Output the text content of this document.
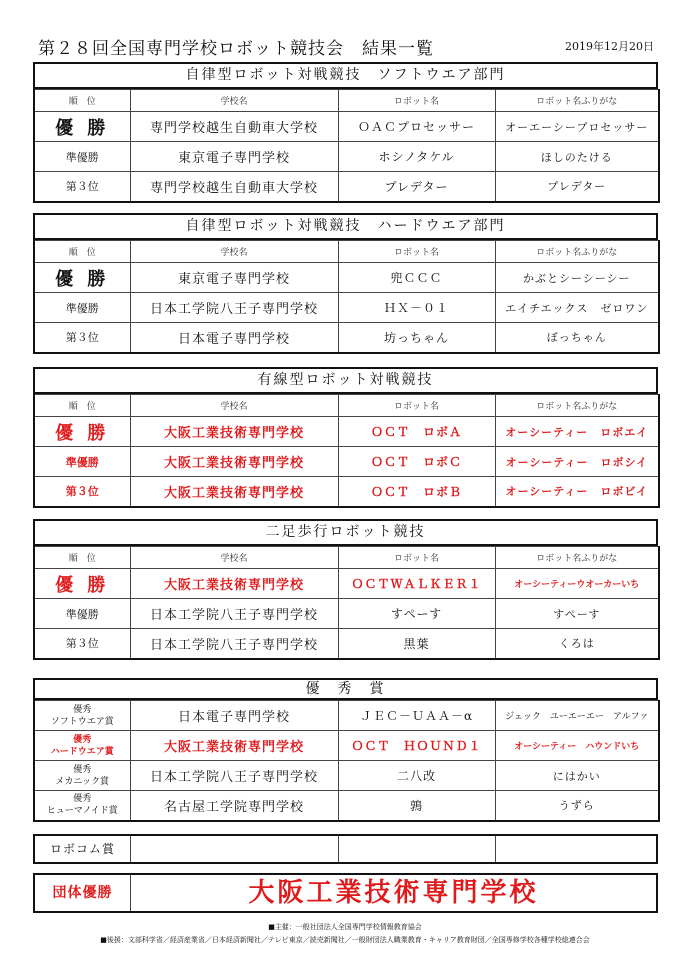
第２８回全国専門学校ロボット競技会　結果一覧	2019年12月20日
自律型ロボット対戦競技　ソフトウエア部門
順　位	学校名	ロボット名	ロボット名ふりがな
優 勝	専門学校越生自動車大学校	ＯＡＣプロセッサー	オーエーシープロセッサー
準優勝	東京電子専門学校	ホシノタケル	ほしのたける
第３位	専門学校越生自動車大学校	プレデター	プレデター
自律型ロボット対戦競技　ハードウエア部門
順　位	学校名	ロボット名	ロボット名ふりがな
優 勝	東京電子専門学校	兜ＣＣＣ	かぶとシーシーシー
準優勝	日本工学院八王子専門学校	ＨＸ－０１	エイチエックス　ゼロワン
第３位	日本電子専門学校	坊っちゃん	ぼっちゃん
有線型ロボット対戦競技
順　位	学校名	ロボット名	ロボット名ふりがな
優 勝	大阪工業技術専門学校	ＯＣＴ　ロボＡ	オーシーティー　ロボエイ
準優勝	大阪工業技術専門学校	ＯＣＴ　ロボＣ	オーシーティー　ロボシイ
第３位	大阪工業技術専門学校	ＯＣＴ　ロボＢ	オーシーティー　ロボビイ
二足歩行ロボット競技
順　位	学校名	ロボット名	ロボット名ふりがな
優 勝	大阪工業技術専門学校	ＯＣＴＷＡＬＫＥＲ１	オーシーティーウオーカーいち
準優勝	日本工学院八王子専門学校	すぺーす	すぺーす
第３位	日本工学院八王子専門学校	黒葉	くろは
優　秀　賞
優秀
ソフトウエア賞	日本電子専門学校	ＪＥＣ－ＵＡＡ－α	ジェック　ユーエーエー　アルファ
優秀
ハードウエア賞	大阪工業技術専門学校	ＯＣＴ　ＨＯＵＮＤ１	オーシーティー　ハウンドいち
優秀
メカニック賞	日本工学院八王子専門学校	二八改	にはかい
優秀
ヒューマノイド賞	名古屋工学院専門学校	鶉	うずら
ロボコム賞
団体優勝	大阪工業技術専門学校
■主催：一般社団法人全国専門学校情報教育協会
■後援：文部科学省／経済産業省／日本経済新聞社／テレビ東京／読売新聞社／一般財団法人職業教育・キャリア教育財団／全国専修学校各種学校総連合会
